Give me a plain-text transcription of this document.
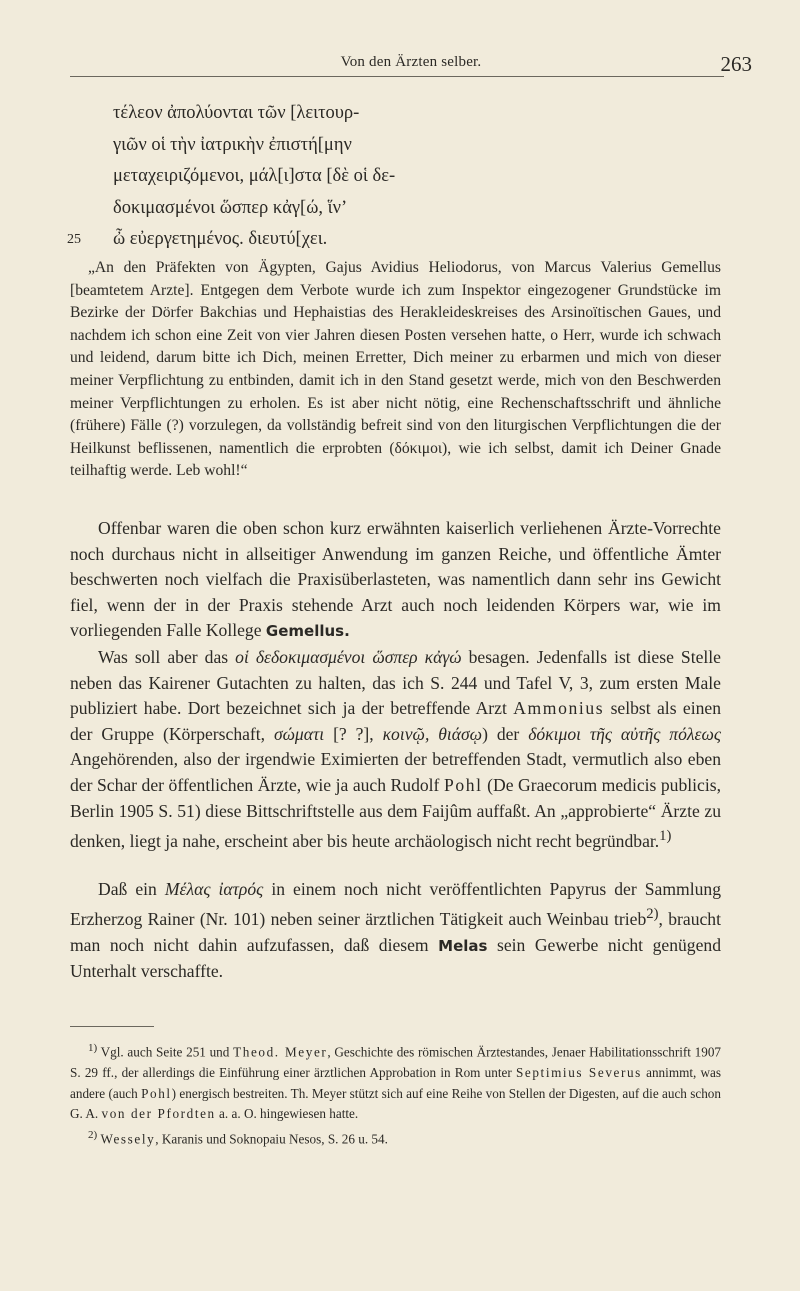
Von den Ärzten selber.	263
τέλεον ἀπολύονται τῶν [λειτουρ-
γιῶν οἱ τὴν ἰατρικὴν ἐπιστή[μην
μεταχειριζόμενοι, μάλ[ι]στα [δὲ οἱ δε-
δοκιμασμένοι ὥσπερ κἀγ[ώ, ἵν’
25 ὦ εὐεργετημένος. διευτύ[χει.

„An den Präfekten von Ägypten, Gajus Avidius Heliodorus, von Marcus Valerius Gemellus [beamtetem Arzte]. Entgegen dem Verbote wurde ich zum Inspektor eingezogener Grundstücke im Bezirke der Dörfer Bakchias und Hephaistias des Herakleideskreises des Arsinoïtischen Gaues, und nachdem ich schon eine Zeit von vier Jahren diesen Posten versehen hatte, o Herr, wurde ich schwach und leidend, darum bitte ich Dich, meinen Erretter, Dich meiner zu erbarmen und mich von dieser meiner Verpflichtung zu entbinden, damit ich in den Stand gesetzt werde, mich von den Beschwerden meiner Verpflichtungen zu erholen. Es ist aber nicht nötig, eine Rechenschaftsschrift und ähnliche (frühere) Fälle (?) vorzulegen, da vollständig befreit sind von den liturgischen Verpflichtungen die der Heilkunst beflissenen, namentlich die erprobten (δόκιμοι), wie ich selbst, damit ich Deiner Gnade teilhaftig werde. Leb wohl!“

Offenbar waren die oben schon kurz erwähnten kaiserlich verliehenen Ärzte-Vorrechte noch durchaus nicht in allseitiger Anwendung im ganzen Reiche, und öffentliche Ämter beschwerten noch vielfach die Praxisüberlasteten, was namentlich dann sehr ins Gewicht fiel, wenn der in der Praxis stehende Arzt auch noch leidenden Körpers war, wie im vorliegenden Falle Kollege Gemellus.

Was soll aber das οἱ δεδοκιμασμένοι ὥσπερ κἀγώ besagen. Jedenfalls ist diese Stelle neben das Kairener Gutachten zu halten, das ich S. 244 und Tafel V, 3, zum ersten Male publiziert habe. Dort bezeichnet sich ja der betreffende Arzt Ammonius selbst als einen der Gruppe (Körperschaft, σώματι [? ?], κοινῷ, θιάσῳ) der δόκιμοι τῆς αὐτῆς πόλεως Angehörenden, also der irgendwie Eximierten der betreffenden Stadt, vermutlich also eben der Schar der öffentlichen Ärzte, wie ja auch Rudolf Pohl (De Graecorum medicis publicis, Berlin 1905 S. 51) diese Bittschriftstelle aus dem Faijûm auffaßt. An „approbierte“ Ärzte zu denken, liegt ja nahe, erscheint aber bis heute archäologisch nicht recht begründbar.$^{1)}$

Daß ein Μέλας ἰατρός in einem noch nicht veröffentlichten Papyrus der Sammlung Erzherzog Rainer (Nr. 101) neben seiner ärztlichen Tätigkeit auch Weinbau trieb$^{2)}$, braucht man noch nicht dahin aufzufassen, daß diesem Melas sein Gewerbe nicht genügend Unterhalt verschaffte.

$^{1)}$ Vgl. auch Seite 251 und Theod. Meyer, Geschichte des römischen Ärztestandes, Jenaer Habilitationsschrift 1907 S. 29 ff., der allerdings die Einführung einer ärztlichen Approbation in Rom unter Septimius Severus annimmt, was andere (auch Pohl) energisch bestreiten. Th. Meyer stützt sich auf eine Reihe von Stellen der Digesten, auf die auch schon G. A. von der Pfordten a. a. O. hingewiesen hatte.

$^{2)}$ Wessely, Karanis und Soknopaiu Nesos, S. 26 u. 54.
